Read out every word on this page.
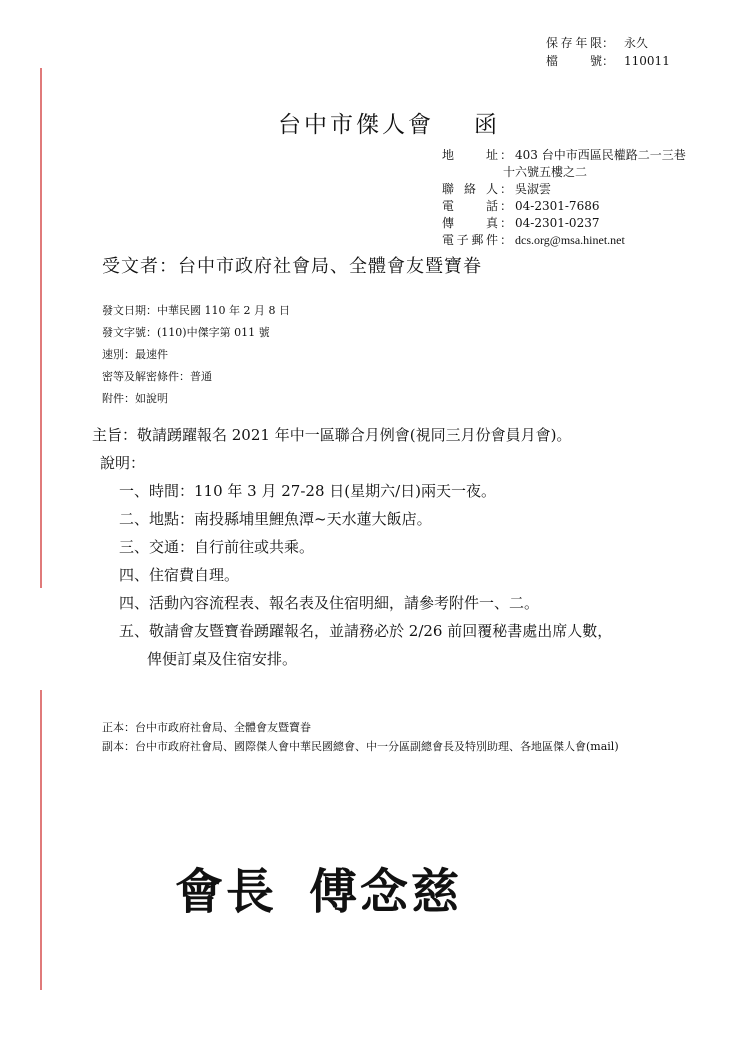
保存年限： 永久
檔號： 110011
台中市傑人會 函
地址 ： 403 台中市西區民權路二一三巷
十六號五樓之二
聯絡人 ： 吳淑雲
電話 ： 04-2301-7686
傳真 ： 04-2301-0237
電子郵件 ： dcs.org@msa.hinet.net
受文者：台中市政府社會局、全體會友暨寶眷
發文日期：中華民國 110 年 2 月 8 日
發文字號：(110)中傑字第 011 號
速別：最速件
密等及解密條件：普通
附件：如說明
主旨：敬請踴躍報名 2021 年中一區聯合月例會(視同三月份會員月會)。
說明：
一、時間：110 年 3 月 27-28 日(星期六/日)兩天一夜。
二、地點：南投縣埔里鯉魚潭~天水蓮大飯店。
三、交通：自行前往或共乘。
四、住宿費自理。
四、活動內容流程表、報名表及住宿明細，請參考附件一、二。
五、敬請會友暨寶眷踴躍報名，並請務必於 2/26 前回覆秘書處出席人數，
俾便訂桌及住宿安排。
正本：台中市政府社會局、全體會友暨寶眷
副本：台中市政府社會局、國際傑人會中華民國總會、中一分區副總會長及特別助理、各地區傑人會(mail)
會長 傅念慈
